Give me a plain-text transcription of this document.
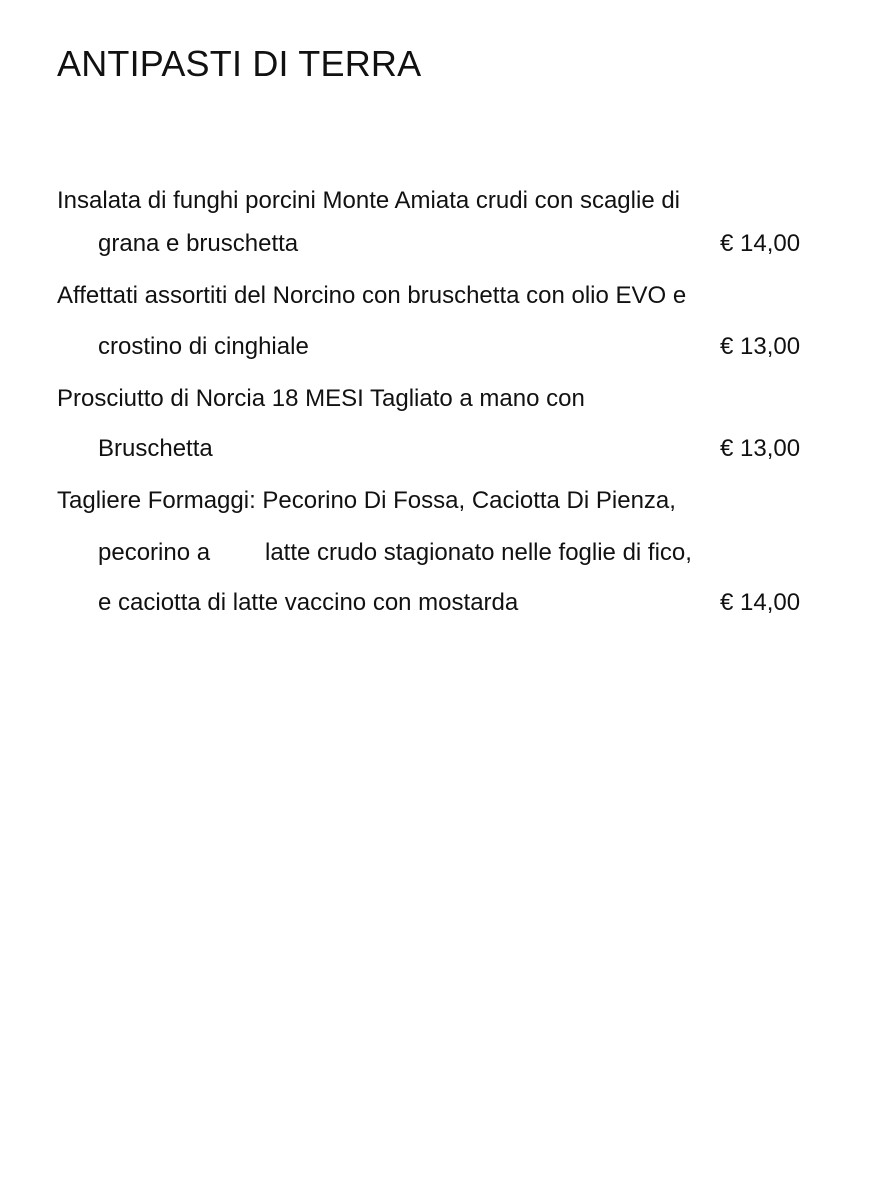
ANTIPASTI DI TERRA
Insalata di funghi porcini Monte Amiata crudi con scaglie di
grana e bruschetta	€ 14,00
Affettati assortiti del Norcino con bruschetta con olio EVO e
crostino di cinghiale	€ 13,00
Prosciutto di Norcia 18 MESI Tagliato a mano con
Bruschetta	€ 13,00
Tagliere Formaggi: Pecorino Di Fossa, Caciotta Di Pienza,
pecorino a latte crudo stagionato nelle foglie di fico,
e caciotta di latte vaccino con mostarda	€ 14,00
